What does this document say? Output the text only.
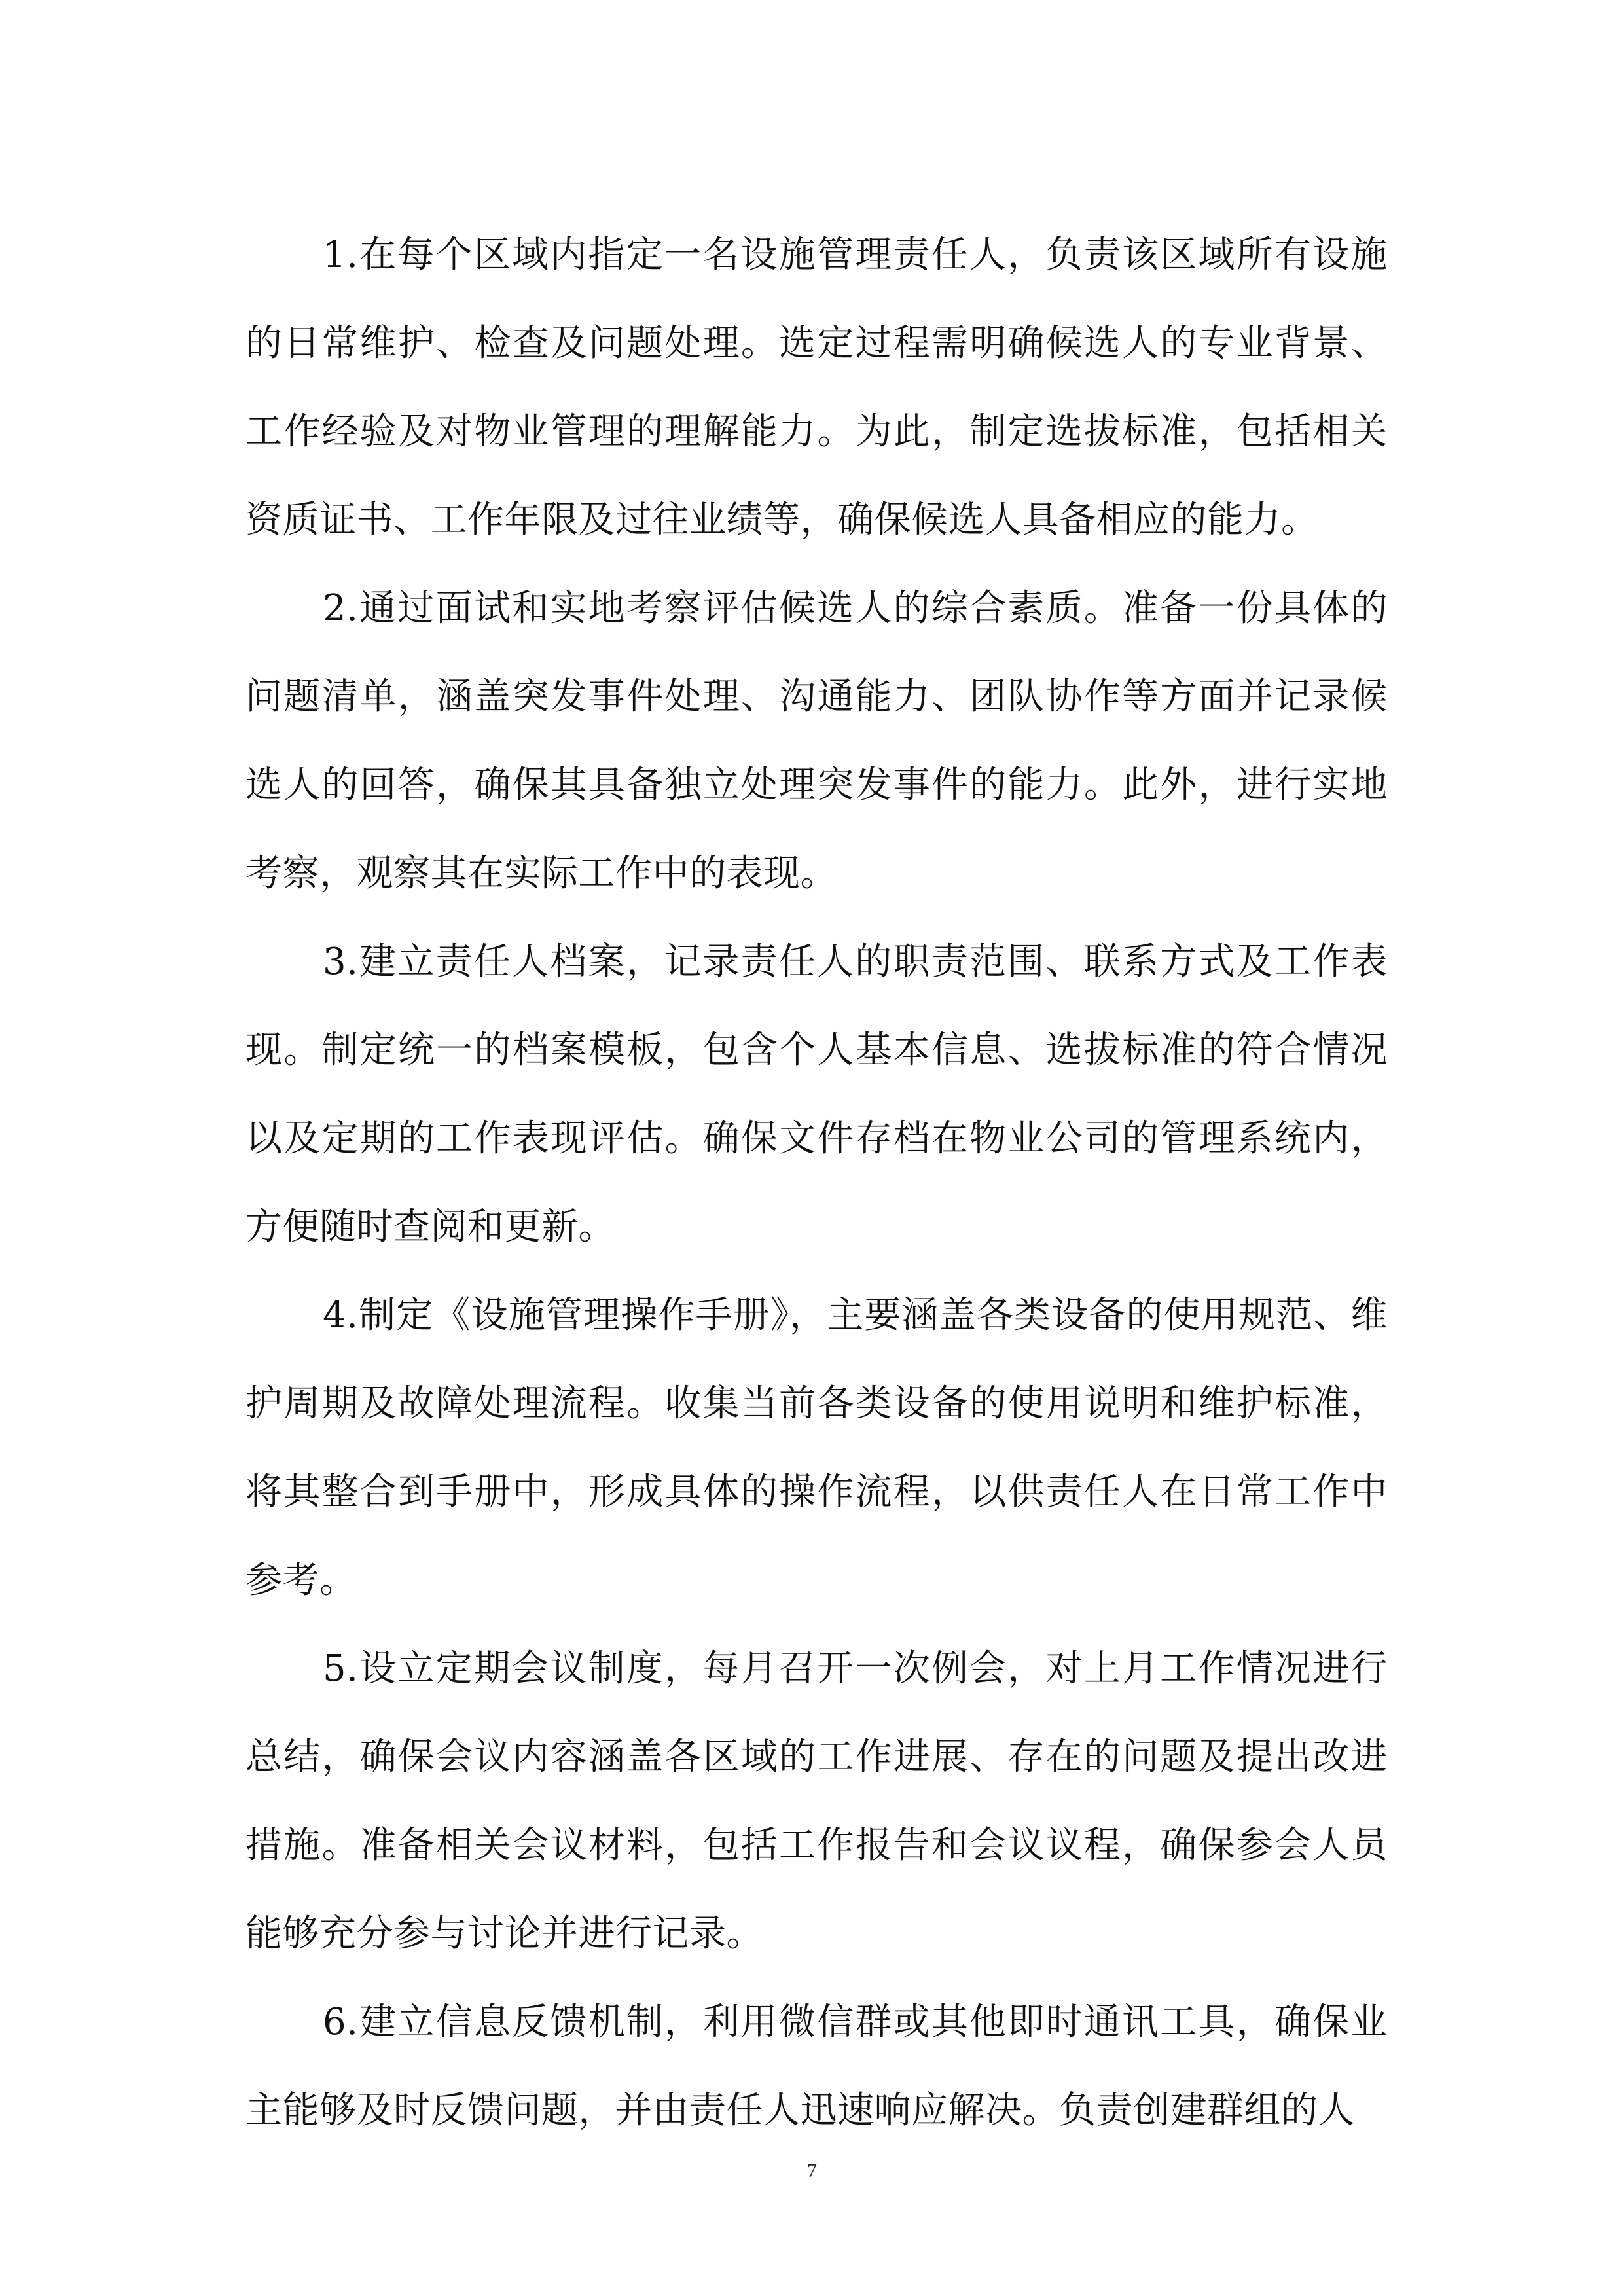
1.在每个区域内指定一名设施管理责任人，负责该区域所有设施的日常维护、检查及问题处理。选定过程需明确候选人的专业背景、工作经验及对物业管理的理解能力。为此，制定选拔标准，包括相关资质证书、工作年限及过往业绩等，确保候选人具备相应的能力。

2.通过面试和实地考察评估候选人的综合素质。准备一份具体的问题清单，涵盖突发事件处理、沟通能力、团队协作等方面并记录候选人的回答，确保其具备独立处理突发事件的能力。此外，进行实地考察，观察其在实际工作中的表现。

3.建立责任人档案，记录责任人的职责范围、联系方式及工作表现。制定统一的档案模板，包含个人基本信息、选拔标准的符合情况以及定期的工作表现评估。确保文件存档在物业公司的管理系统内，方便随时查阅和更新。

4.制定《设施管理操作手册》，主要涵盖各类设备的使用规范、维护周期及故障处理流程。收集当前各类设备的使用说明和维护标准，将其整合到手册中，形成具体的操作流程，以供责任人在日常工作中参考。

5.设立定期会议制度，每月召开一次例会，对上月工作情况进行总结，确保会议内容涵盖各区域的工作进展、存在的问题及提出改进措施。准备相关会议材料，包括工作报告和会议议程，确保参会人员能够充分参与讨论并进行记录。

6.建立信息反馈机制，利用微信群或其他即时通讯工具，确保业主能够及时反馈问题，并由责任人迅速响应解决。负责创建群组的人

7
